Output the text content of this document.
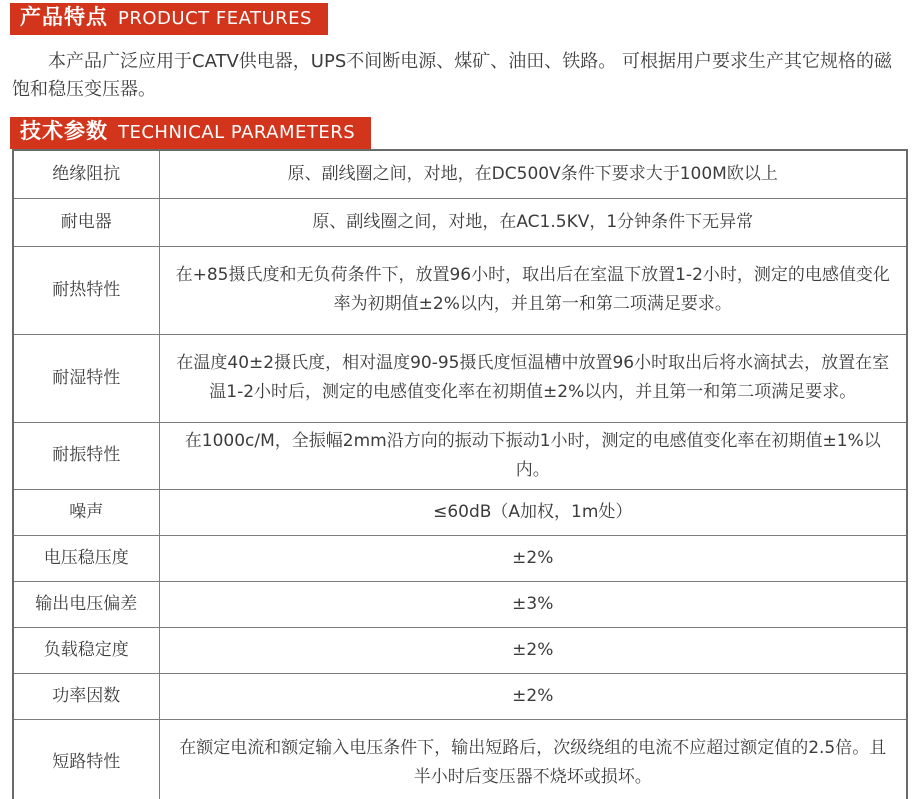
产品特点 PRODUCT FEATURES

本产品广泛应用于CATV供电器，UPS不间断电源、煤矿、油田、铁路。 可根据用户要求生产其它规格的磁饱和稳压变压器。

技术参数 TECHNICAL PARAMETERS
绝缘阻抗	原、副线圈之间，对地，在DC500V条件下要求大于100M欧以上
耐电器	原、副线圈之间，对地，在AC1.5KV，1分钟条件下无异常
耐热特性	在+85摄氏度和无负荷条件下，放置96小时，取出后在室温下放置1-2小时，测定的电感值变化率为初期值±2%以内，并且第一和第二项满足要求。
耐湿特性	在温度40±2摄氏度，相对温度90-95摄氏度恒温槽中放置96小时取出后将水滴拭去，放置在室温1-2小时后，测定的电感值变化率在初期值±2%以内，并且第一和第二项满足要求。
耐振特性	在1000c/M，全振幅2mm沿方向的振动下振动1小时，测定的电感值变化率在初期值±1%以内。
噪声	≤60dB（A加权，1m处）
电压稳压度	±2%
输出电压偏差	±3%
负载稳定度	±2%
功率因数	±2%
短路特性	在额定电流和额定输入电压条件下，输出短路后，次级绕组的电流不应超过额定值的2.5倍。且半小时后变压器不烧坏或损坏。
